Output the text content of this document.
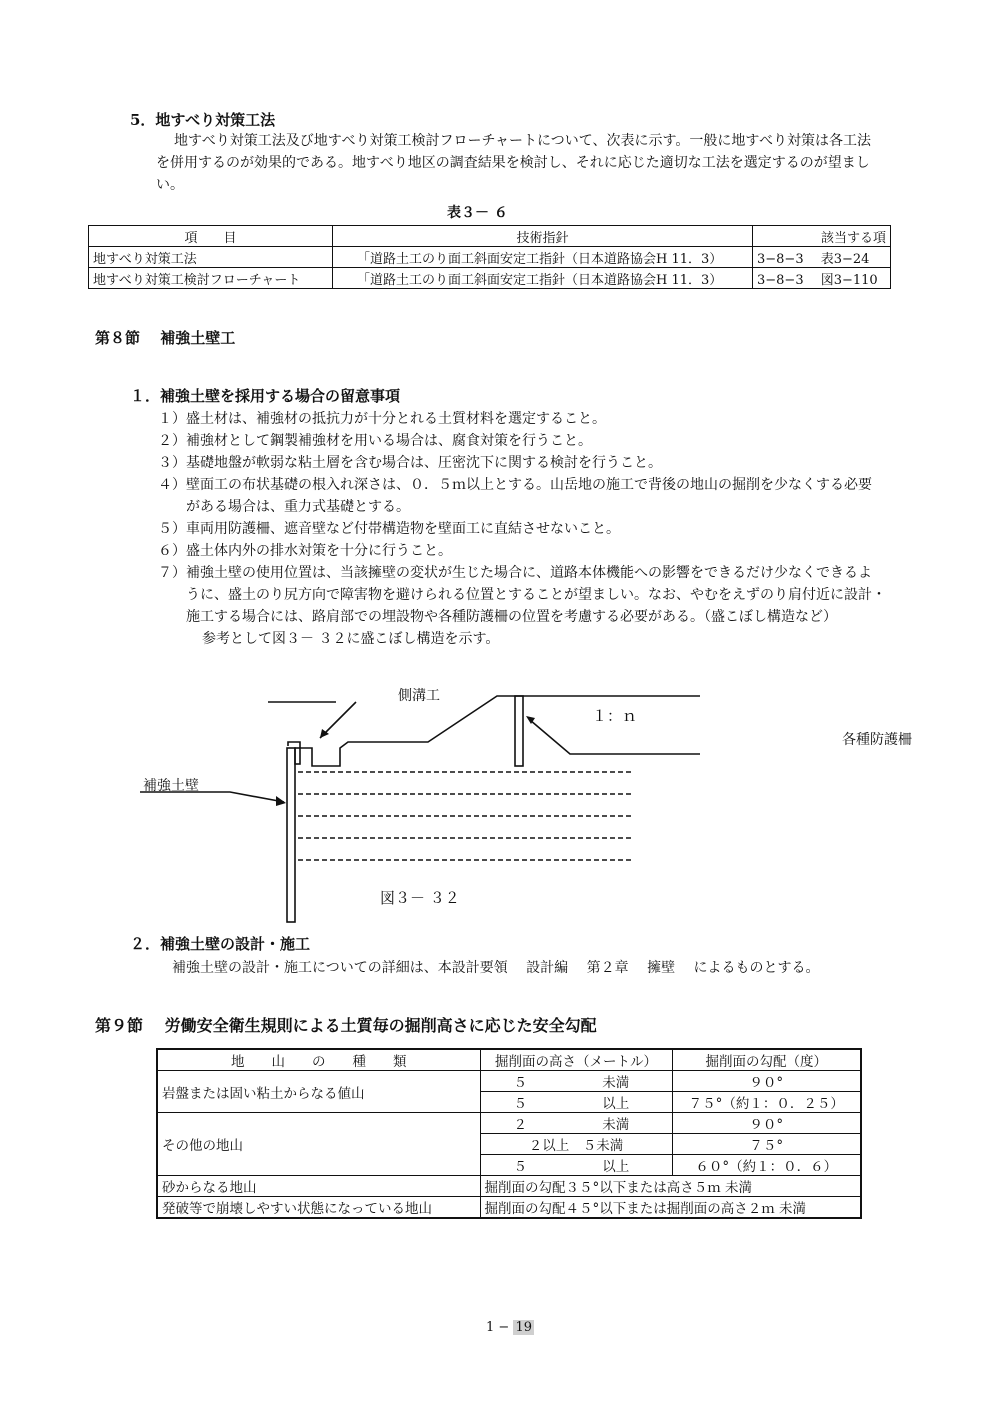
5．地すべり対策工法
地すべり対策工法及び地すべり対策工検討フローチャートについて、次表に示す。一般に地すべり対策は各工法
を併用するのが効果的である。地すべり地区の調査結果を検討し、それに応じた適切な工法を選定するのが望まし
い。
表３－ ６
項　　目	技術指針	該当する項
地すべり対策工法	「道路土工のり面工斜面安定工指針（日本道路協会H 11．3）	3−8−3　 表3−24
地すべり対策工検討フローチャート	「道路土工のり面工斜面安定工指針（日本道路協会H 11．3）	3−8−3　 図3−110
第８節　 補強土壁工
１．補強土壁を採用する場合の留意事項
１）盛土材は、補強材の抵抗力が十分とれる土質材料を選定すること。
２）補強材として鋼製補強材を用いる場合は、腐食対策を行うこと。
３）基礎地盤が軟弱な粘土層を含む場合は、圧密沈下に関する検討を行うこと。
４）壁面工の布状基礎の根入れ深さは、０．５ｍ以上とする。山岳地の施工で背後の地山の掘削を少なくする必要
がある場合は、重力式基礎とする。
５）車両用防護柵、遮音壁など付帯構造物を壁面工に直結させないこと。
６）盛土体内外の排水対策を十分に行うこと。
７）補強土壁の使用位置は、当該擁壁の変状が生じた場合に、道路本体機能への影響をできるだけ少なくできるよ
うに、盛土のり尻方向で障害物を避けられる位置とすることが望ましい。なお、やむをえずのり肩付近に設計・
施工する場合には、路肩部での埋設物や各種防護柵の位置を考慮する必要がある。（盛こぼし構造など）
参考として図３－ ３２に盛こぼし構造を示す。
側溝工
１：ｎ
各種防護柵
補強土壁
図３－ ３２
２．補強土壁の設計・施工
補強土壁の設計・施工についての詳細は、本設計要領　 設計編　 第２章　 擁壁　 によるものとする。
第９節　 労働安全衛生規則による土質毎の掘削高さに応じた安全勾配
地　　山　　の　　種　　類	掘削面の高さ（メートル）		掘削面の勾配（度）
岩盤または固い粘土からなる値山	５	未満	９０°
	５	以上	７５°（約１：０．２５）
その他の地山	２	未満	９０°
	２以上　５未満		７５°
	５	以上	６０°（約１：０．６）
砂からなる地山	掘削面の勾配３５°以下または高さ５ｍ 未満		
発破等で崩壊しやすい状態になっている地山	掘削面の勾配４５°以下または掘削面の高さ２ｍ 未満		
1 − 19
